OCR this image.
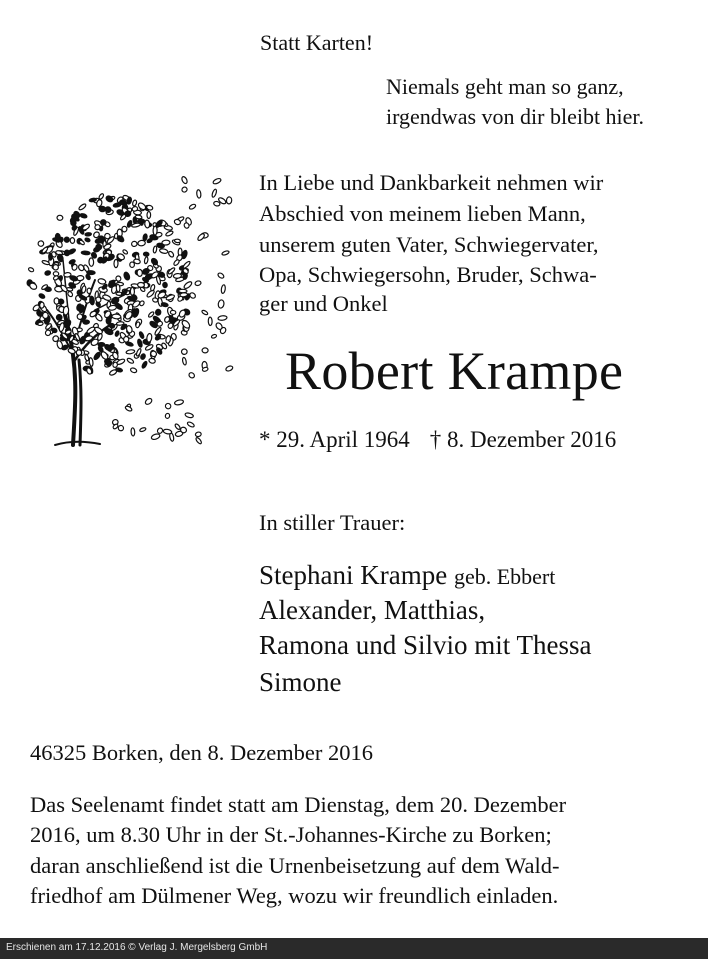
Statt Karten!
Niemals geht man so ganz,
irgendwas von dir bleibt hier.
In Liebe und Dankbarkeit nehmen wir
Abschied von meinem lieben Mann,
unserem guten Vater, Schwiegervater,
Opa, Schwiegersohn, Bruder, Schwa-
ger und Onkel
Robert Krampe
* 29. April 1964 † 8. Dezember 2016
In stiller Trauer:
Stephani Krampe geb. Ebbert
Alexander, Matthias,
Ramona und Silvio mit Thessa
Simone
46325 Borken, den 8. Dezember 2016
Das Seelenamt findet statt am Dienstag, dem 20. Dezember
2016, um 8.30 Uhr in der St.-Johannes-Kirche zu Borken;
daran anschließend ist die Urnenbeisetzung auf dem Wald-
friedhof am Dülmener Weg, wozu wir freundlich einladen.
Erschienen am 17.12.2016 © Verlag J. Mergelsberg GmbH
